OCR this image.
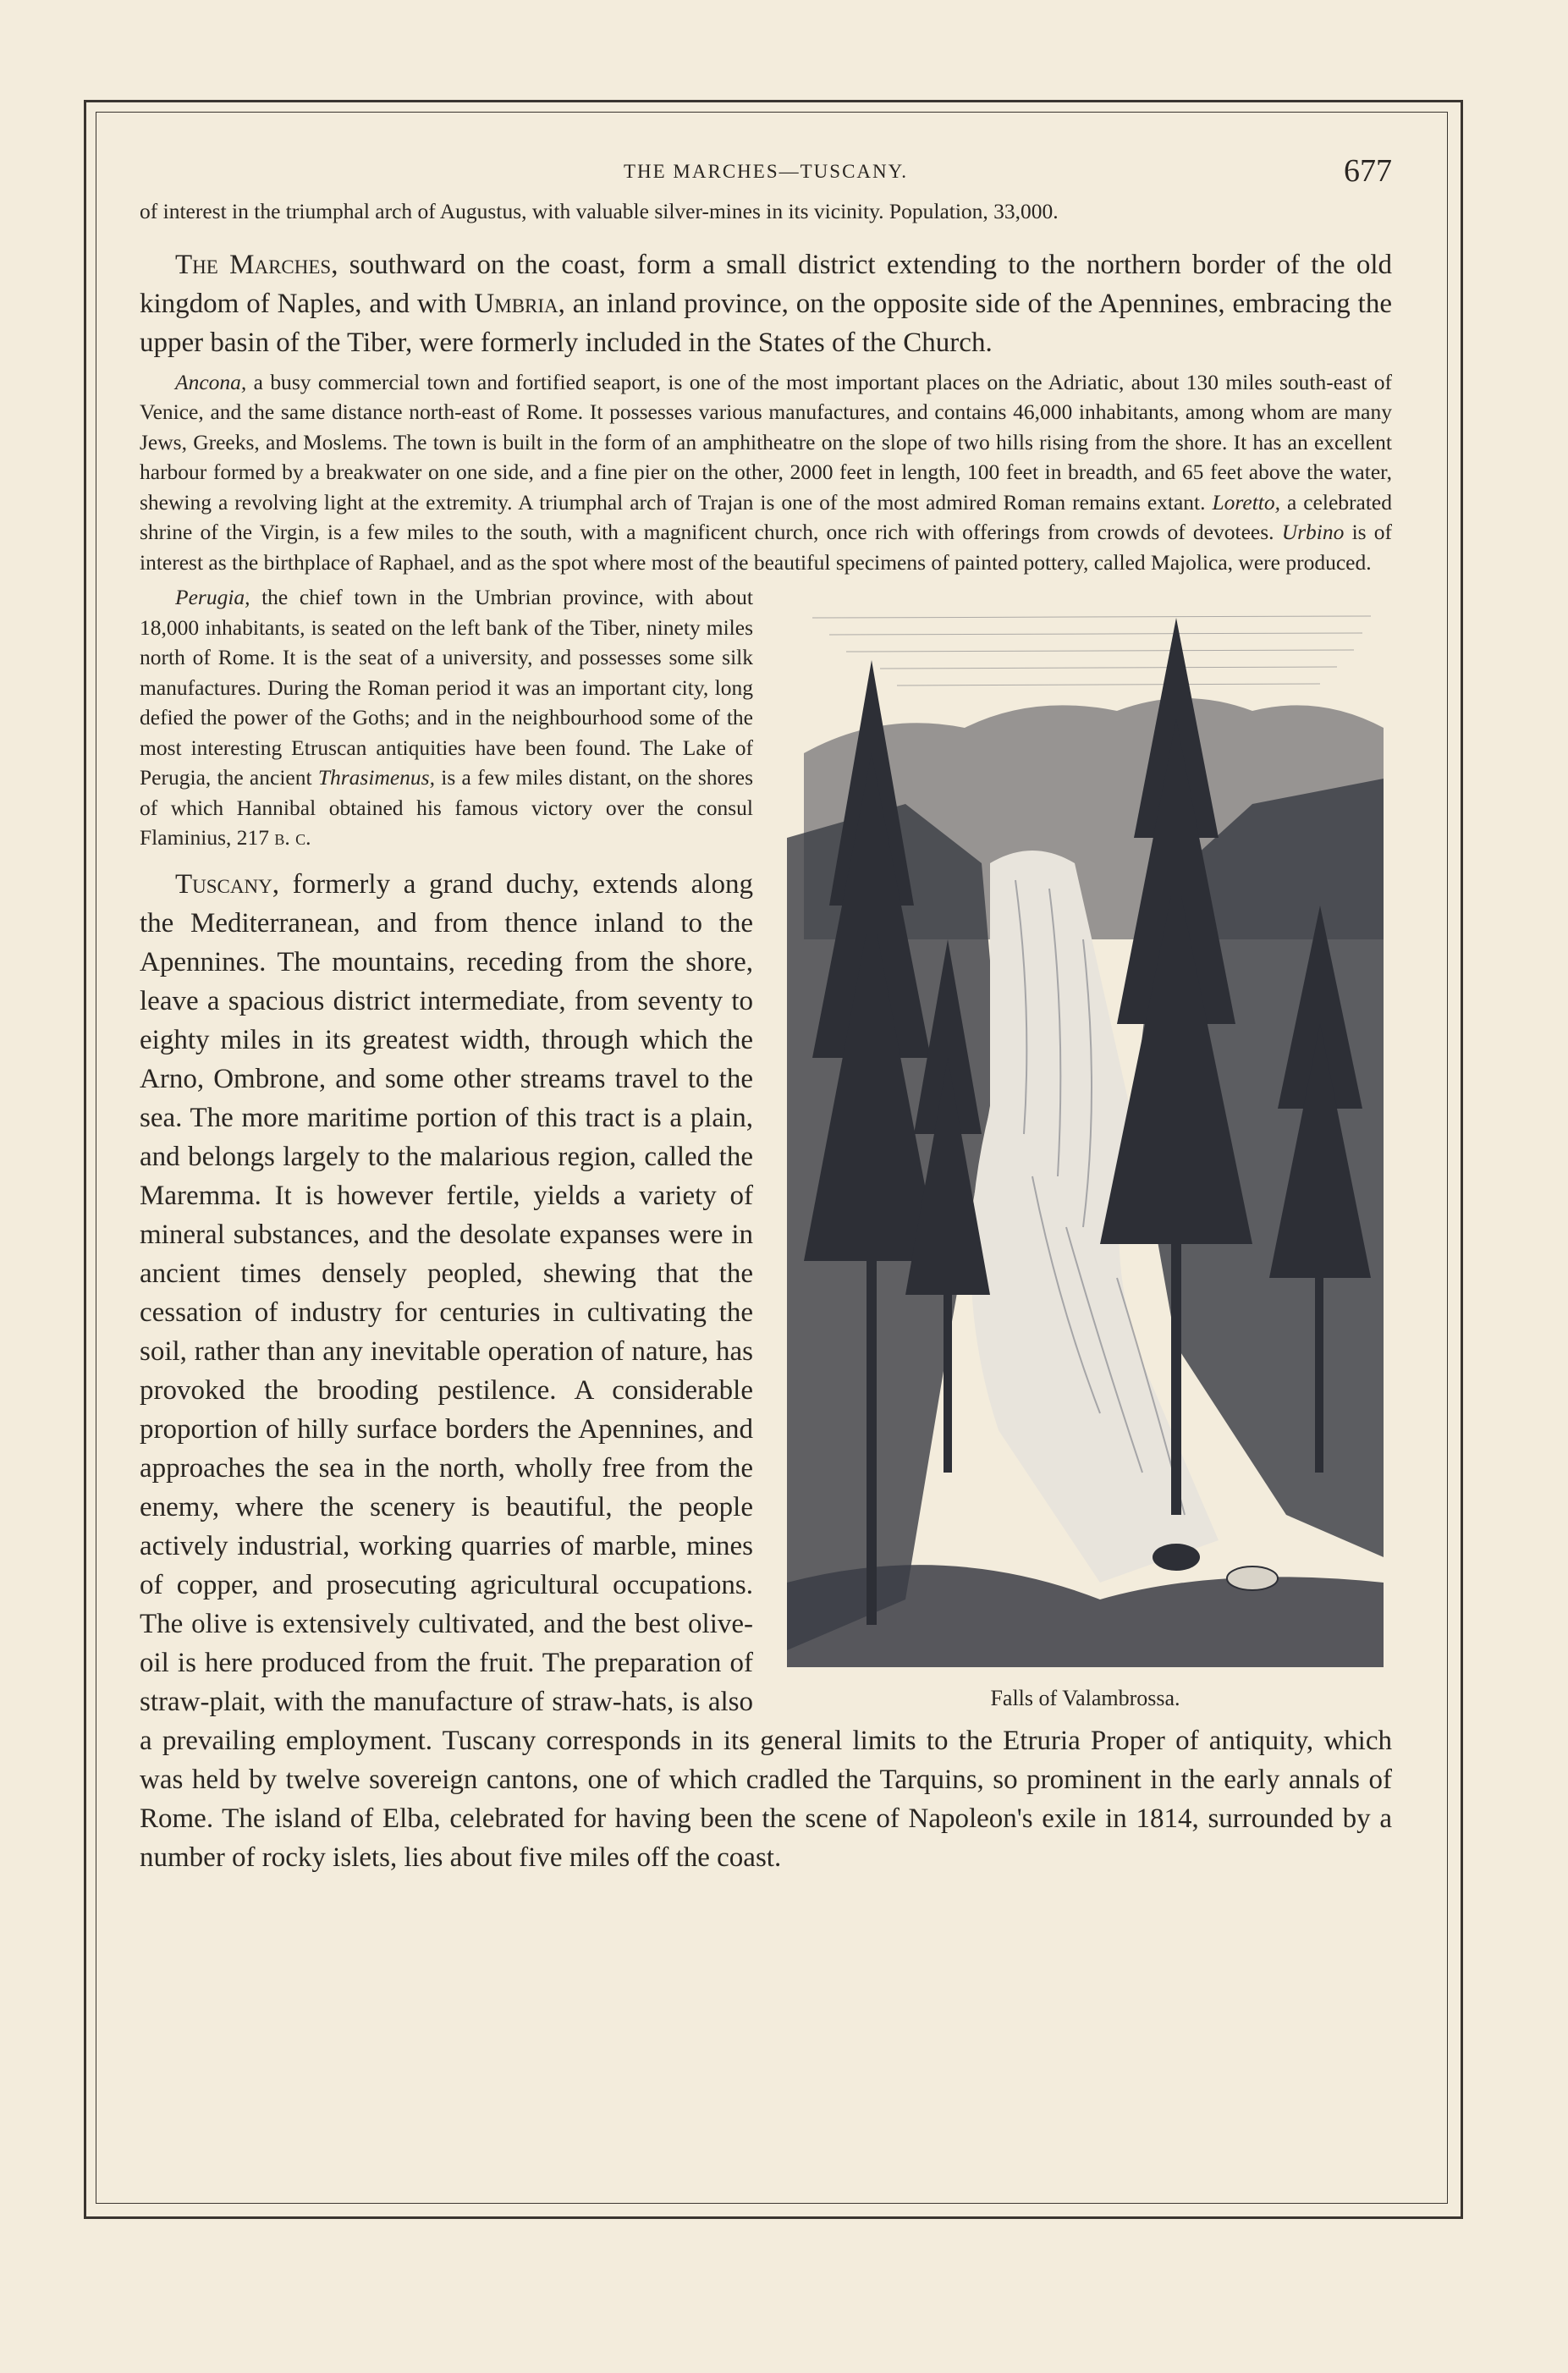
THE MARCHES—TUSCANY.	677

of interest in the triumphal arch of Augustus, with valuable silver-mines in its vicinity. Population, 33,000.

The Marches, southward on the coast, form a small district extending to the northern border of the old kingdom of Naples, and with Umbria, an inland province, on the opposite side of the Apennines, embracing the upper basin of the Tiber, were formerly included in the States of the Church.

Ancona, a busy commercial town and fortified seaport, is one of the most important places on the Adriatic, about 130 miles south-east of Venice, and the same distance north-east of Rome. It possesses various manufactures, and contains 46,000 inhabitants, among whom are many Jews, Greeks, and Moslems. The town is built in the form of an amphitheatre on the slope of two hills rising from the shore. It has an excellent harbour formed by a breakwater on one side, and a fine pier on the other, 2000 feet in length, 100 feet in breadth, and 65 feet above the water, shewing a revolving light at the extremity. A triumphal arch of Trajan is one of the most admired Roman remains extant. Loretto, a celebrated shrine of the Virgin, is a few miles to the south, with a magnificent church, once rich with offerings from crowds of devotees. Urbino is of interest as the birthplace of Raphael, and as the spot where most of the beautiful specimens of painted pottery, called Majolica, were produced.

Falls of Valambrossa.

Perugia, the chief town in the Umbrian province, with about 18,000 inhabitants, is seated on the left bank of the Tiber, ninety miles north of Rome. It is the seat of a university, and possesses some silk manufactures. During the Roman period it was an important city, long defied the power of the Goths; and in the neighbourhood some of the most interesting Etruscan antiquities have been found. The Lake of Perugia, the ancient Thrasimenus, is a few miles distant, on the shores of which Hannibal obtained his famous victory over the consul Flaminius, 217 b. c.

Tuscany, formerly a grand duchy, extends along the Mediterranean, and from thence inland to the Apennines. The mountains, receding from the shore, leave a spacious district intermediate, from seventy to eighty miles in its greatest width, through which the Arno, Ombrone, and some other streams travel to the sea. The more maritime portion of this tract is a plain, and belongs largely to the malarious region, called the Maremma. It is however fertile, yields a variety of mineral substances, and the desolate expanses were in ancient times densely peopled, shewing that the cessation of industry for centuries in cultivating the soil, rather than any inevitable operation of nature, has provoked the brooding pestilence. A considerable proportion of hilly surface borders the Apennines, and approaches the sea in the north, wholly free from the enemy, where the scenery is beautiful, the people actively industrial, working quarries of marble, mines of copper, and prosecuting agricultural occupations. The olive is extensively cultivated, and the best olive-oil is here produced from the fruit. The preparation of straw-plait, with the manufacture of straw-hats, is also a prevailing employment. Tuscany corresponds in its general limits to the Etruria Proper of antiquity, which was held by twelve sovereign cantons, one of which cradled the Tarquins, so prominent in the early annals of Rome. The island of Elba, celebrated for having been the scene of Napoleon's exile in 1814, surrounded by a number of rocky islets, lies about five miles off the coast.
